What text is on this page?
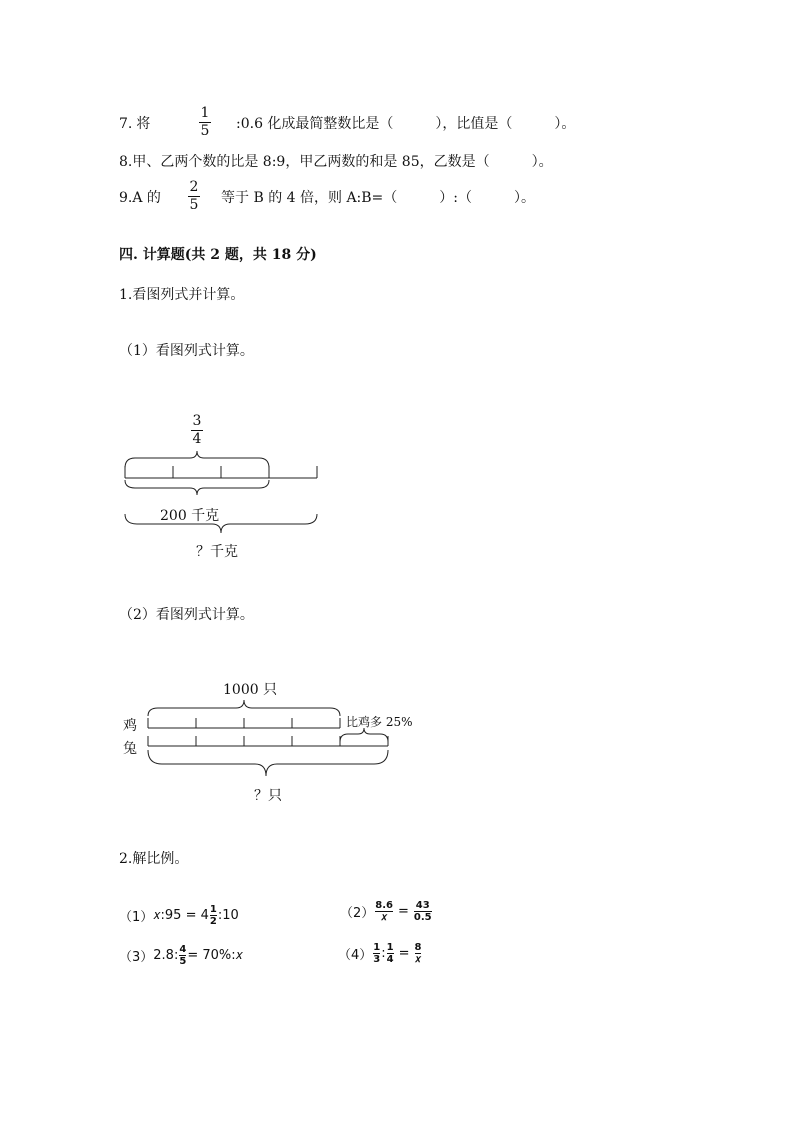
7. 将
1
5 :0.6 化成最简整数比是（　　　），比值是（　　　）。
8.甲、乙两个数的比是 8:9，甲乙两数的和是 85，乙数是（　　　）。
9.A 的
2
5 等于 B 的 4 倍，则 A:B=（　　　）:（　　　）。
四. 计算题(共 2 题，共 18 分)
1.看图列式并计算。
（1）看图列式计算。
3
4
200 千克
？千克
（2）看图列式计算。
1000 只
鸡
兔
比鸡多 25%
？只
2.解比例。
（1） 𝑥:95 = 4 1
2 :10	（2）
8.6
𝑥 = 43
0.5
（3） 2.8: 4
5 = 70%:𝑥	（4）
1
3 : 1
4 = 8
𝑥
